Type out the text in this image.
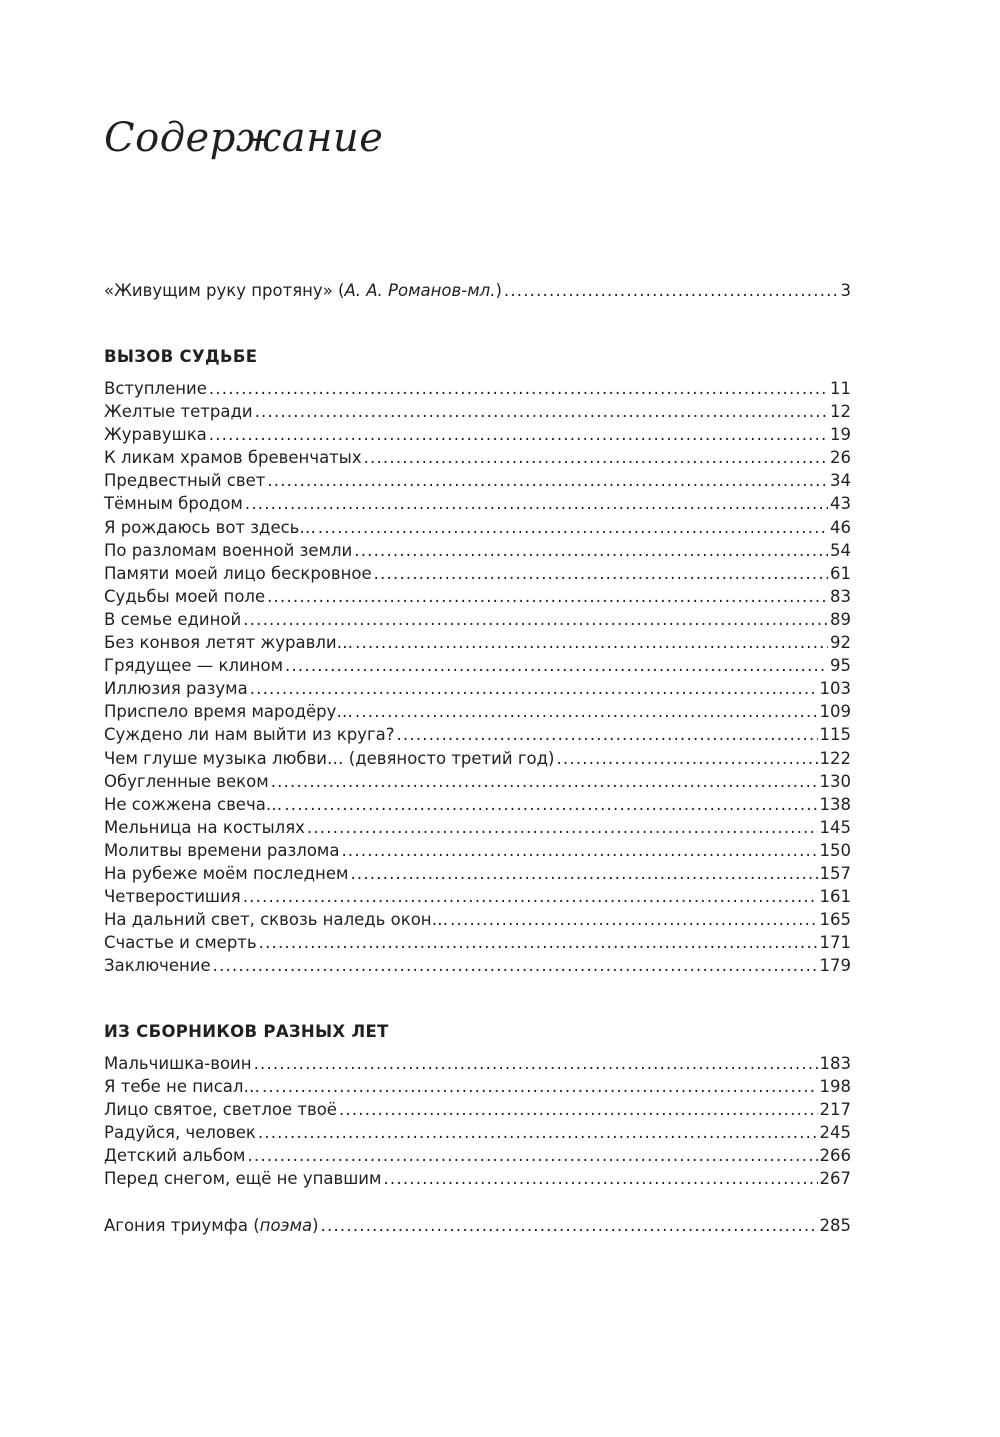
Содержание
«Живущим руку протяну» (А. А. Романов-мл.) .....	3
ВЫЗОВ СУДЬБЕ
Вступление .....	11
Желтые тетради .....	12
Журавушка .....	19
К ликам храмов бревенчатых .....	26
Предвестный свет .....	34
Тёмным бродом .....	43
Я рождаюсь вот здесь… .....	46
По разломам военной земли .....	54
Памяти моей лицо бескровное .....	61
Судьбы моей поле .....	83
В семье единой .....	89
Без конвоя летят журавли… .....	92
Грядущее — клином .....	95
Иллюзия разума .....	103
Приспело время мародёру… .....	109
Суждено ли нам выйти из круга? .....	115
Чем глуше музыка любви… (девяносто третий год) .....	122
Обугленные веком .....	130
Не сожжена свеча… .....	138
Мельница на костылях .....	145
Молитвы времени разлома .....	150
На рубеже моём последнем .....	157
Четверостишия .....	161
На дальний свет, сквозь наледь окон… .....	165
Счастье и смерть .....	171
Заключение .....	179
ИЗ СБОРНИКОВ РАЗНЫХ ЛЕТ
Мальчишка-воин .....	183
Я тебе не писал… .....	198
Лицо святое, светлое твоё .....	217
Радуйся, человек .....	245
Детский альбом .....	266
Перед снегом, ещё не упавшим .....	267
Агония триумфа (поэма) .....	285
